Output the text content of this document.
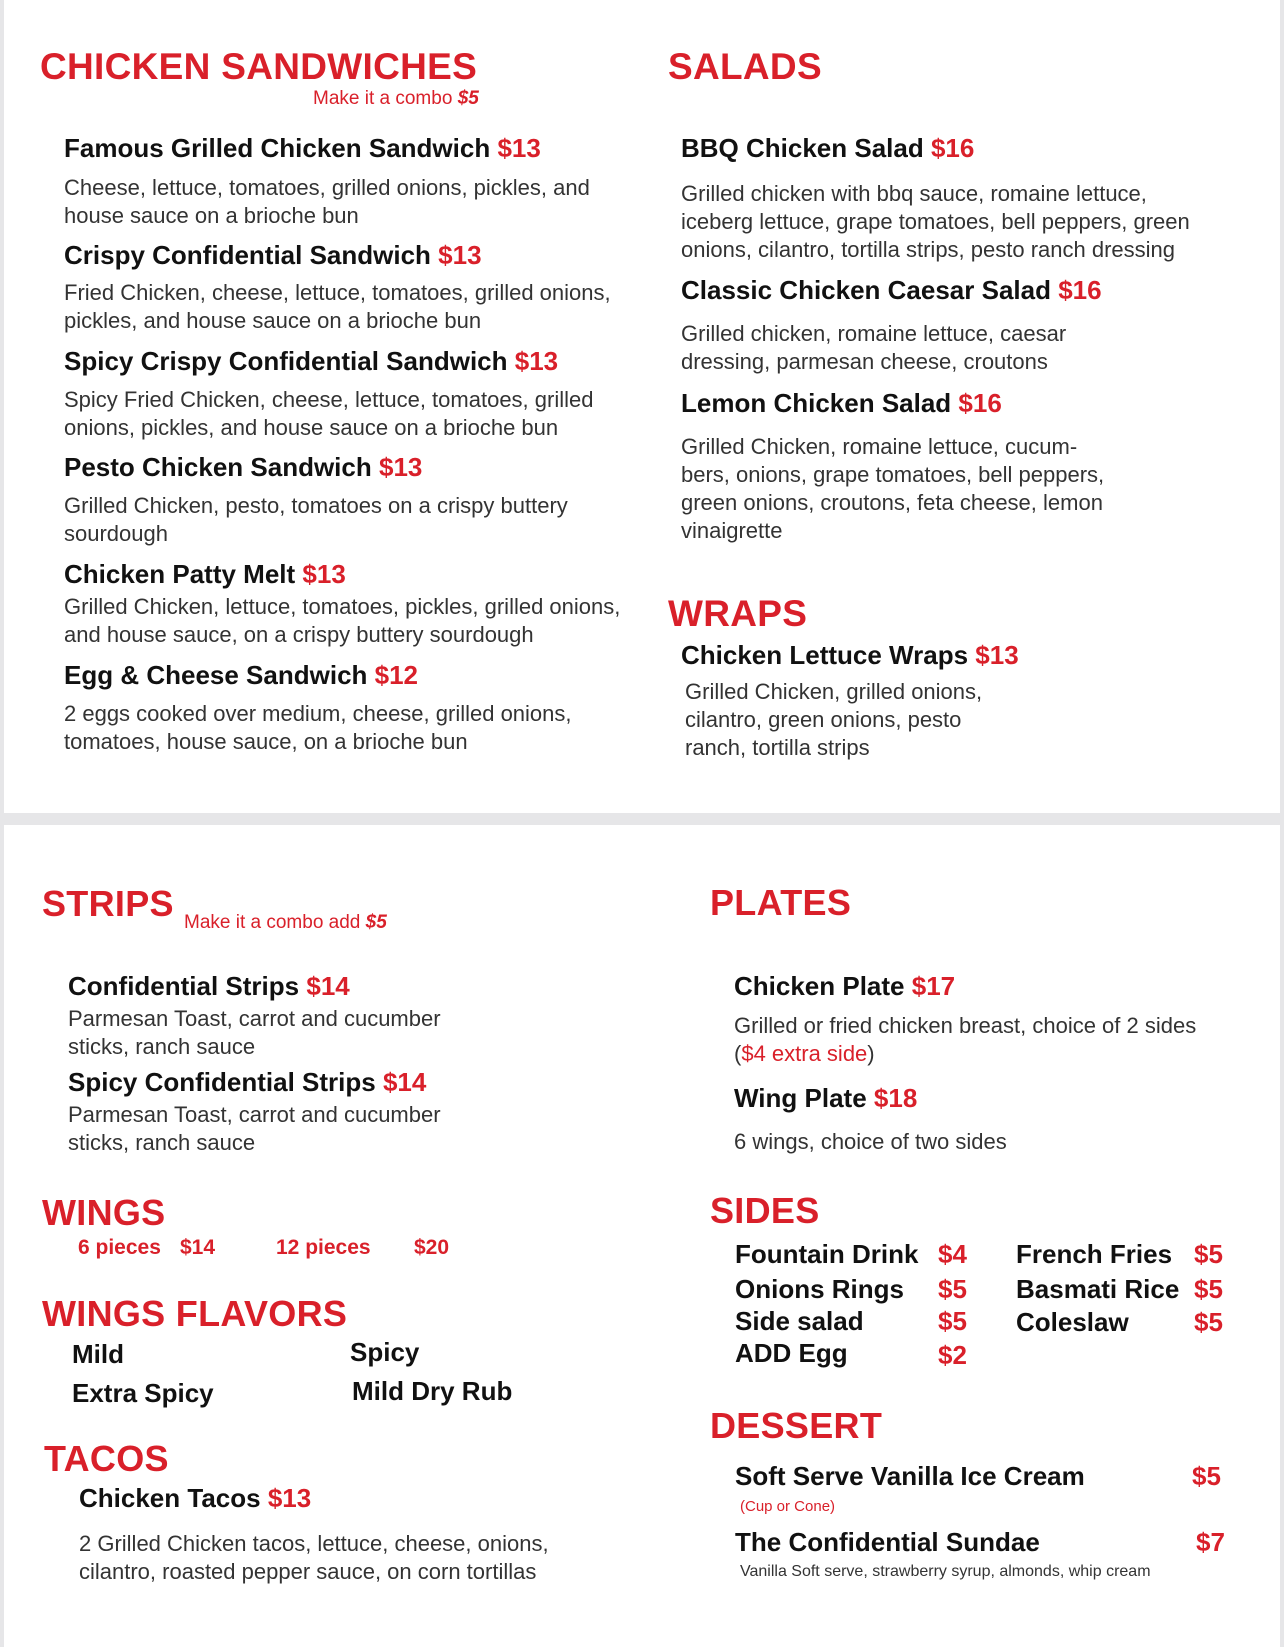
CHICKEN SANDWICHES
Make it a combo $5
Famous Grilled Chicken Sandwich $13
Cheese, lettuce, tomatoes, grilled onions, pickles, and house sauce on a brioche bun
Crispy Confidential Sandwich $13
Fried Chicken, cheese, lettuce, tomatoes, grilled onions, pickles, and house sauce on a brioche bun
Spicy Crispy Confidential Sandwich $13
Spicy Fried Chicken, cheese, lettuce, tomatoes, grilled onions, pickles, and house sauce on a brioche bun
Pesto Chicken Sandwich $13
Grilled Chicken, pesto, tomatoes on a crispy buttery sourdough
Chicken Patty Melt $13
Grilled Chicken, lettuce, tomatoes, pickles, grilled onions, and house sauce, on a crispy buttery sourdough
Egg & Cheese Sandwich $12
2 eggs cooked over medium, cheese, grilled onions, tomatoes, house sauce, on a brioche bun
SALADS
BBQ Chicken Salad $16
Grilled chicken with bbq sauce, romaine lettuce, iceberg lettuce, grape tomatoes, bell peppers, green onions, cilantro, tortilla strips, pesto ranch dressing
Classic Chicken Caesar Salad $16
Grilled chicken, romaine lettuce, caesar dressing, parmesan cheese, croutons
Lemon Chicken Salad $16
Grilled Chicken, romaine lettuce, cucum-bers, onions, grape tomatoes, bell peppers, green onions, croutons, feta cheese, lemon vinaigrette
WRAPS
Chicken Lettuce Wraps $13
Grilled Chicken, grilled onions, cilantro, green onions, pesto ranch, tortilla strips
STRIPS Make it a combo add $5
Confidential Strips $14
Parmesan Toast, carrot and cucumber sticks, ranch sauce
Spicy Confidential Strips $14
Parmesan Toast, carrot and cucumber sticks, ranch sauce
WINGS
6 pieces $14	12 pieces $20
WINGS FLAVORS
Mild	Spicy
Extra Spicy	Mild Dry Rub
TACOS
Chicken Tacos $13
2 Grilled Chicken tacos, lettuce, cheese, onions, cilantro, roasted pepper sauce, on corn tortillas
PLATES
Chicken Plate $17
Grilled or fried chicken breast, choice of 2 sides ($4 extra side)
Wing Plate $18
6 wings, choice of two sides
SIDES
Fountain Drink $4
Onions Rings $5
Side salad	$5
ADD Egg	$2
French Fries $5
Basmati Rice $5
Coleslaw	$5
DESSERT
Soft Serve Vanilla Ice Cream	$5
(Cup or Cone)
The Confidential Sundae	$7
Vanilla Soft serve, strawberry syrup, almonds, whip cream
